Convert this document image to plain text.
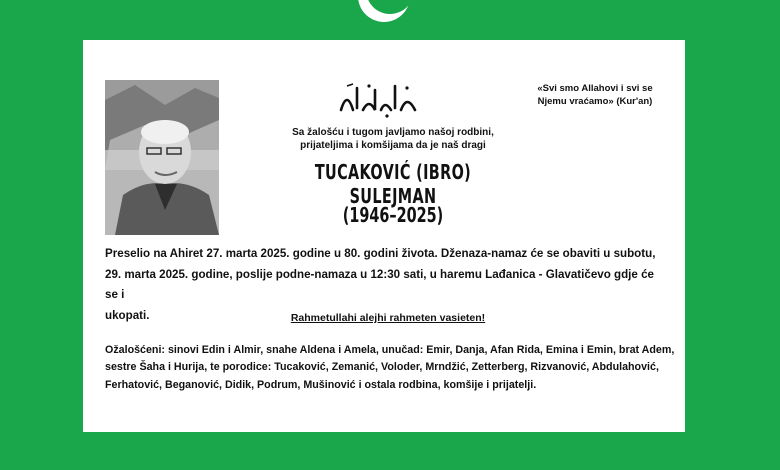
«Svi smo Allahovi i svi se
Njemu vraćamo» (Kur'an)
Sa žalošću i tugom javljamo našoj rodbini,
prijateljima i komšijama da je naš dragi
TUCAKOVIĆ (IBRO) SULEJMAN
(1946–2025)
Preselio na Ahiret 27. marta 2025. godine u 80. godini života. Dženaza-namaz će se obaviti u subotu,
29. marta 2025. godine, poslije podne-namaza u 12:30 sati, u haremu Lađanica - Glavatičevo gdje će se i
ukopati.	Rahmetullahi alejhi rahmeten vasieten!
Ožalošćeni: sinovi Edin i Almir, snahe Aldena i Amela, unučad: Emir, Danja, Afan Rida, Emina i Emin, brat Adem,
sestre Šaha i Hurija, te porodice: Tucaković, Zemanić, Voloder, Mrndžić, Zetterberg, Rizvanović, Abdulahović,
Ferhatović, Beganović, Didik, Podrum, Mušinović i ostala rodbina, komšije i prijatelji.
